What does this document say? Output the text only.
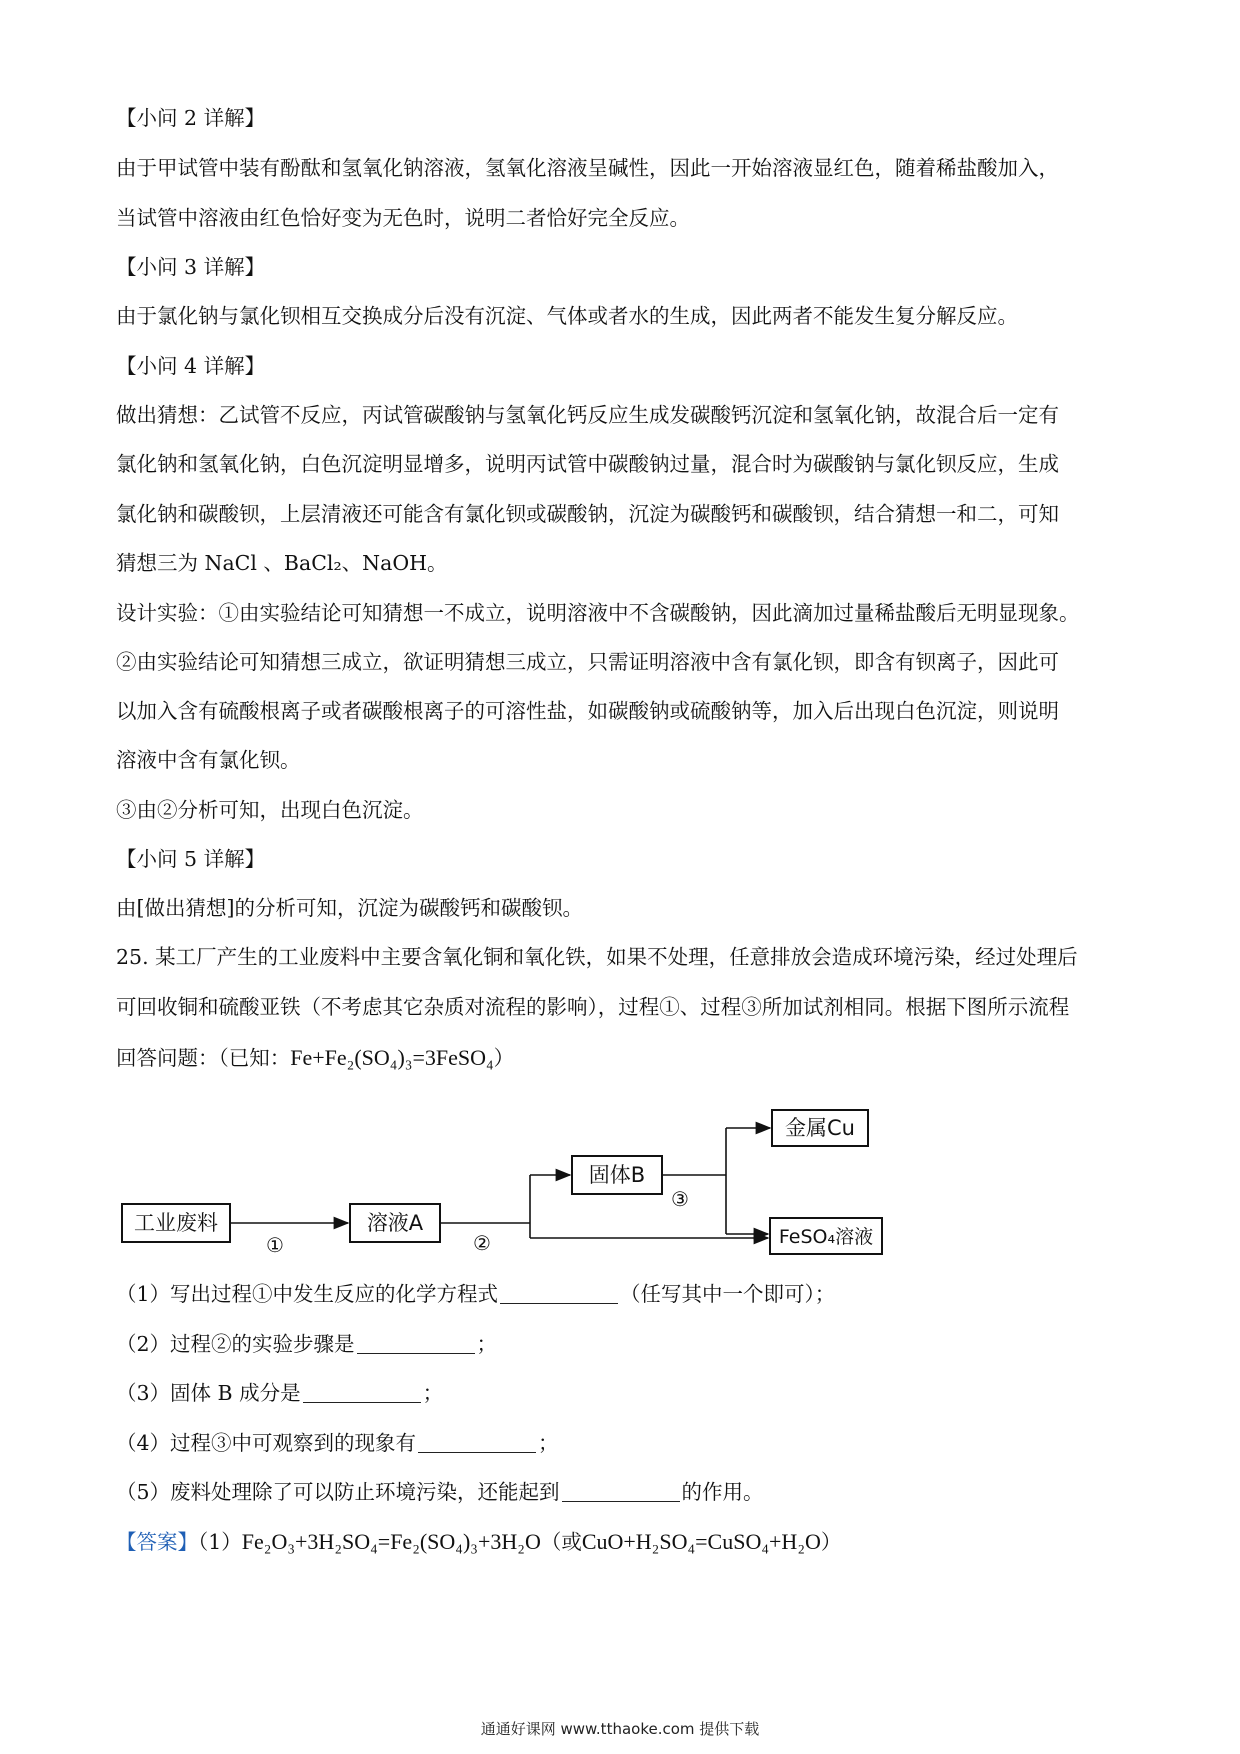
【小问 2 详解】
由于甲试管中装有酚酞和氢氧化钠溶液，氢氧化溶液呈碱性，因此一开始溶液显红色，随着稀盐酸加入，
当试管中溶液由红色恰好变为无色时，说明二者恰好完全反应。
【小问 3 详解】
由于氯化钠与氯化钡相互交换成分后没有沉淀、气体或者水的生成，因此两者不能发生复分解反应。
【小问 4 详解】
做出猜想：乙试管不反应，丙试管碳酸钠与氢氧化钙反应生成发碳酸钙沉淀和氢氧化钠，故混合后一定有
氯化钠和氢氧化钠，白色沉淀明显增多，说明丙试管中碳酸钠过量，混合时为碳酸钠与氯化钡反应，生成
氯化钠和碳酸钡，上层清液还可能含有氯化钡或碳酸钠，沉淀为碳酸钙和碳酸钡，结合猜想一和二，可知
猜想三为 NaCl 、BaCl₂、NaOH。
设计实验：①由实验结论可知猜想一不成立，说明溶液中不含碳酸钠，因此滴加过量稀盐酸后无明显现象。
②由实验结论可知猜想三成立，欲证明猜想三成立，只需证明溶液中含有氯化钡，即含有钡离子，因此可
以加入含有硫酸根离子或者碳酸根离子的可溶性盐，如碳酸钠或硫酸钠等，加入后出现白色沉淀，则说明
溶液中含有氯化钡。
③由②分析可知，出现白色沉淀。
【小问 5 详解】
由[做出猜想]的分析可知，沉淀为碳酸钙和碳酸钡。
25. 某工厂产生的工业废料中主要含氧化铜和氧化铁，如果不处理，任意排放会造成环境污染，经过处理后
可回收铜和硫酸亚铁（不考虑其它杂质对流程的影响），过程①、过程③所加试剂相同。根据下图所示流程
回答问题：（已知：Fe+Fe₂(SO₄)₃=3FeSO₄）
工业废料	溶液A
固体B
金属Cu
FeSO₄溶液
①	②
③
（1）写出过程①中发生反应的化学方程式	（任写其中一个即可）；
（2）过程②的实验步骤是	；
（3）固体 B 成分是	；
（4）过程③中可观察到的现象有	；
（5）废料处理除了可以防止环境污染，还能起到	的作用。
【答案】（1）Fe₂O₃+3H₂SO₄=Fe₂(SO₄)₃+3H₂O（或CuO+H₂SO₄=CuSO₄+H₂O）
通通好课网 www.tthaoke.com 提供下载
